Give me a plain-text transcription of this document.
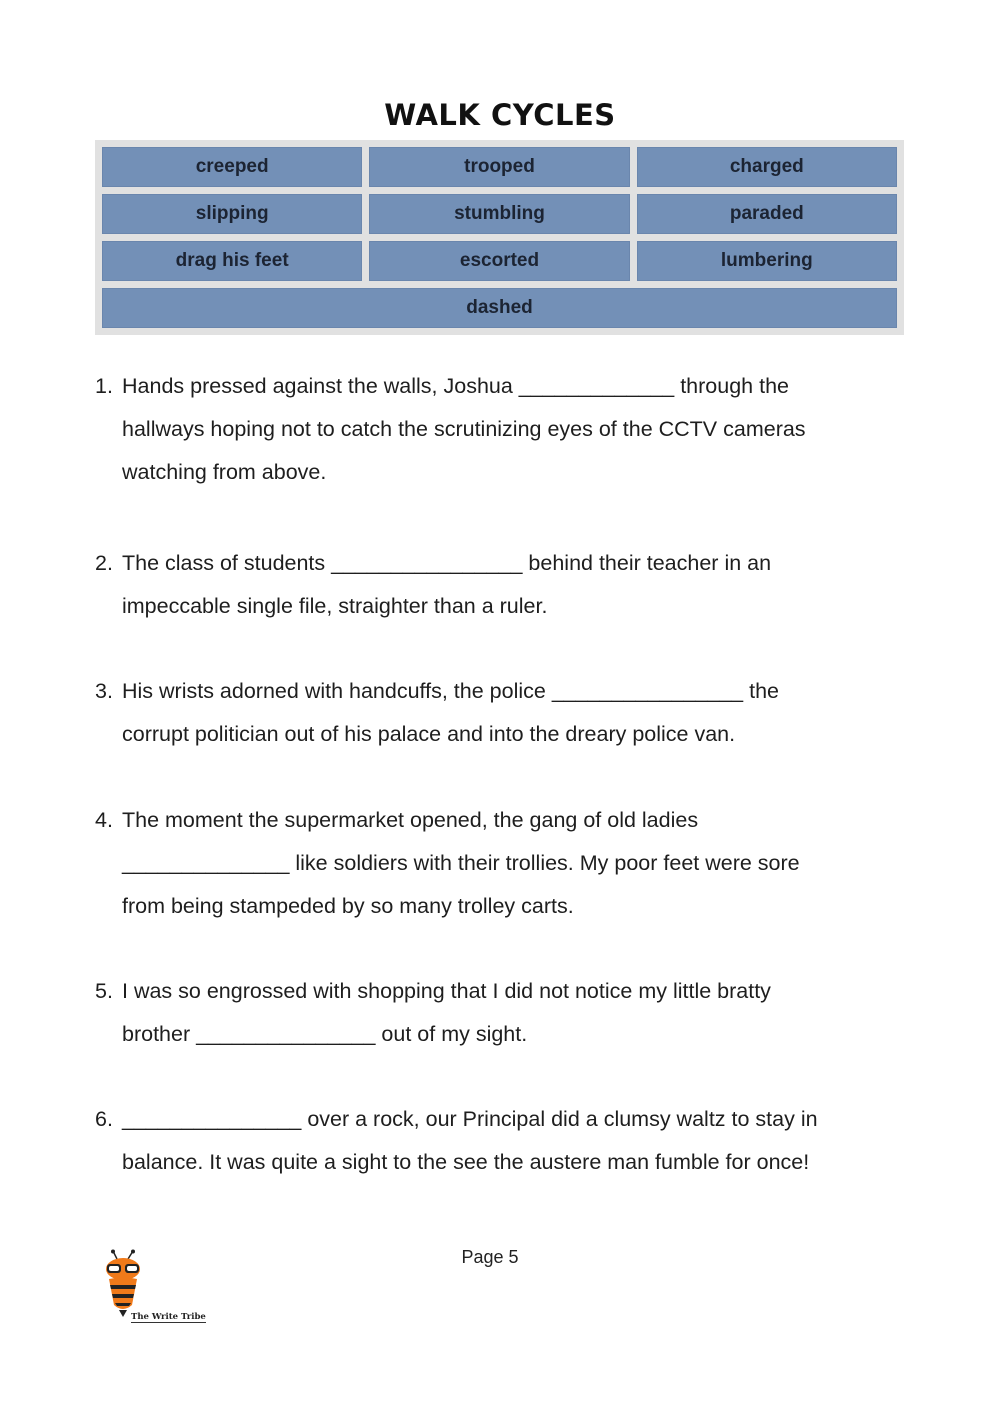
WALK CYCLES
creeped	trooped	charged
slipping	stumbling	paraded
drag his feet	escorted	lumbering
dashed
1. Hands pressed against the walls, Joshua _____________ through the
hallways hoping not to catch the scrutinizing eyes of the CCTV cameras
watching from above.
2. The class of students ________________ behind their teacher in an
impeccable single file, straighter than a ruler.
3. His wrists adorned with handcuffs, the police ________________ the
corrupt politician out of his palace and into the dreary police van.
4. The moment the supermarket opened, the gang of old ladies
______________ like soldiers with their trollies. My poor feet were sore
from being stampeded by so many trolley carts.
5. I was so engrossed with shopping that I did not notice my little bratty
brother _______________ out of my sight.
6. _______________ over a rock, our Principal did a clumsy waltz to stay in
balance. It was quite a sight to the see the austere man fumble for once!
Page 5
The Write Tribe
